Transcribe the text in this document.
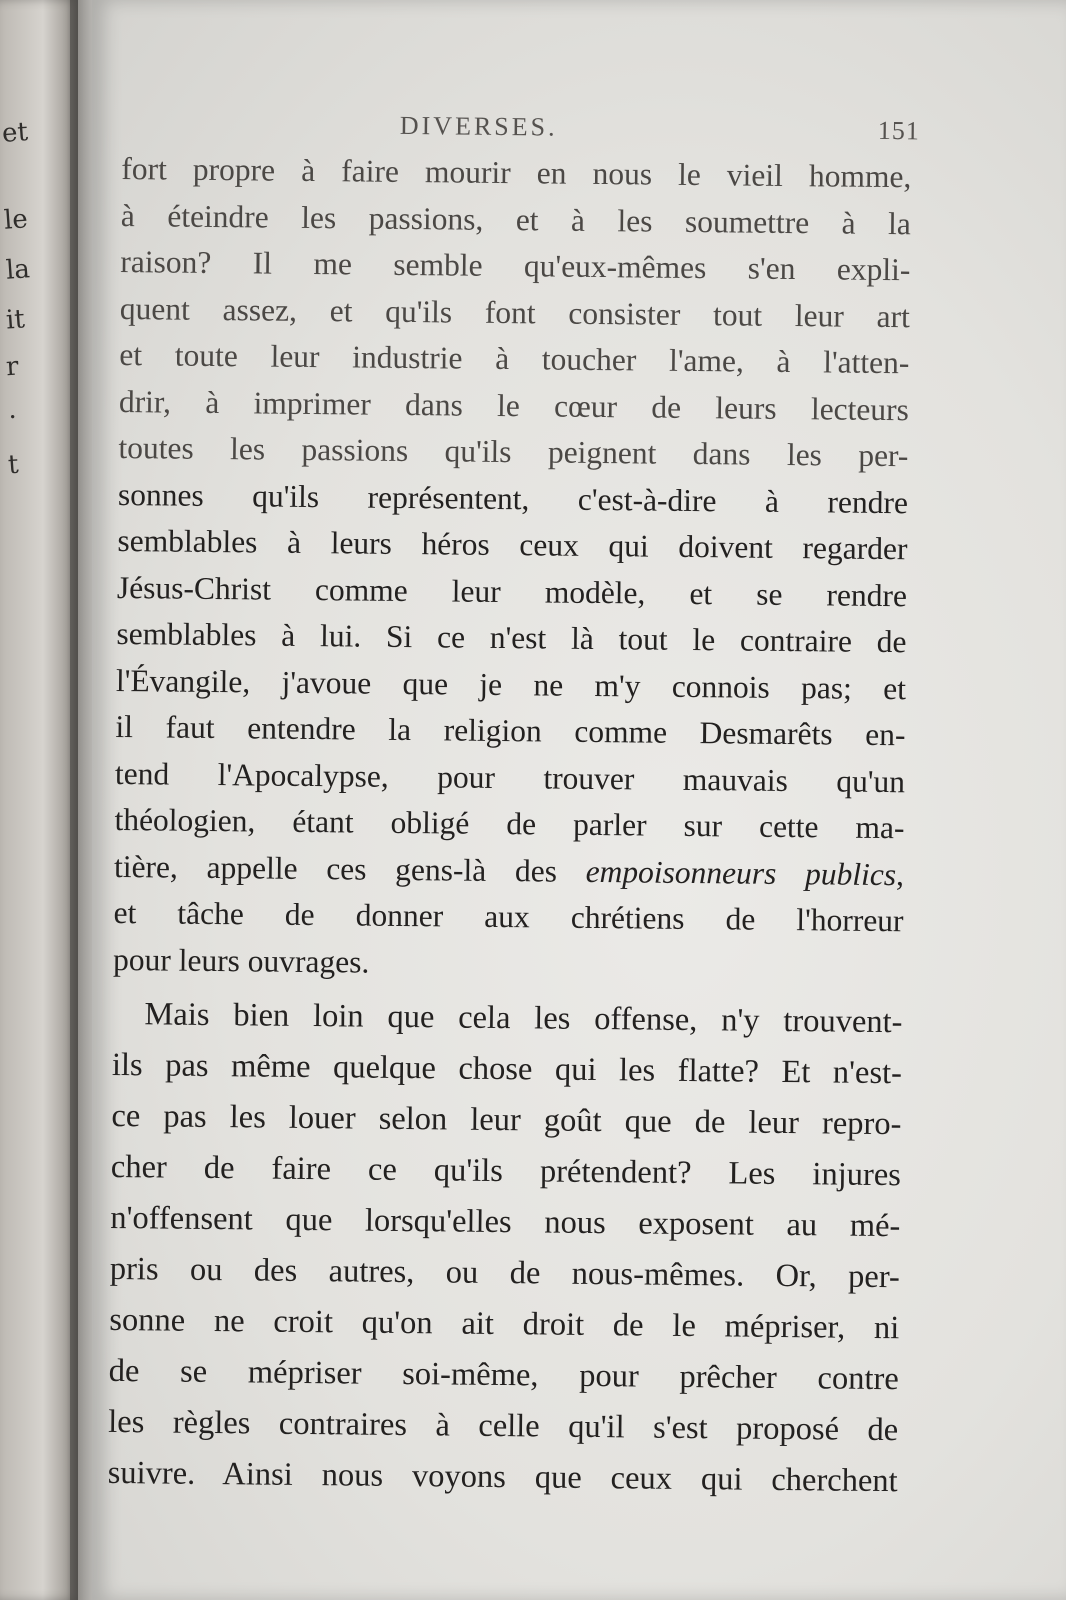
et
le
la
it
r
.
t
DIVERSES.	151
fort propre à faire mourir en nous le vieil homme,
à éteindre les passions, et à les soumettre à la
raison? Il me semble qu'eux-mêmes s'en expli-
quent assez, et qu'ils font consister tout leur art
et toute leur industrie à toucher l'ame, à l'atten-
drir, à imprimer dans le cœur de leurs lecteurs
toutes les passions qu'ils peignent dans les per-
sonnes qu'ils représentent, c'est-à-dire à rendre
semblables à leurs héros ceux qui doivent regarder
Jésus-Christ comme leur modèle, et se rendre
semblables à lui. Si ce n'est là tout le contraire de
l'Évangile, j'avoue que je ne m'y connois pas; et
il faut entendre la religion comme Desmarêts en-
tend l'Apocalypse, pour trouver mauvais qu'un
théologien, étant obligé de parler sur cette ma-
tière, appelle ces gens-là des empoisonneurs publics,
et tâche de donner aux chrétiens de l'horreur
pour leurs ouvrages.
Mais bien loin que cela les offense, n'y trouvent-
ils pas même quelque chose qui les flatte? Et n'est-
ce pas les louer selon leur goût que de leur repro-
cher de faire ce qu'ils prétendent? Les injures
n'offensent que lorsqu'elles nous exposent au mé-
pris ou des autres, ou de nous-mêmes. Or, per-
sonne ne croit qu'on ait droit de le mépriser, ni
de se mépriser soi-même, pour prêcher contre
les règles contraires à celle qu'il s'est proposé de
suivre. Ainsi nous voyons que ceux qui cherchent
